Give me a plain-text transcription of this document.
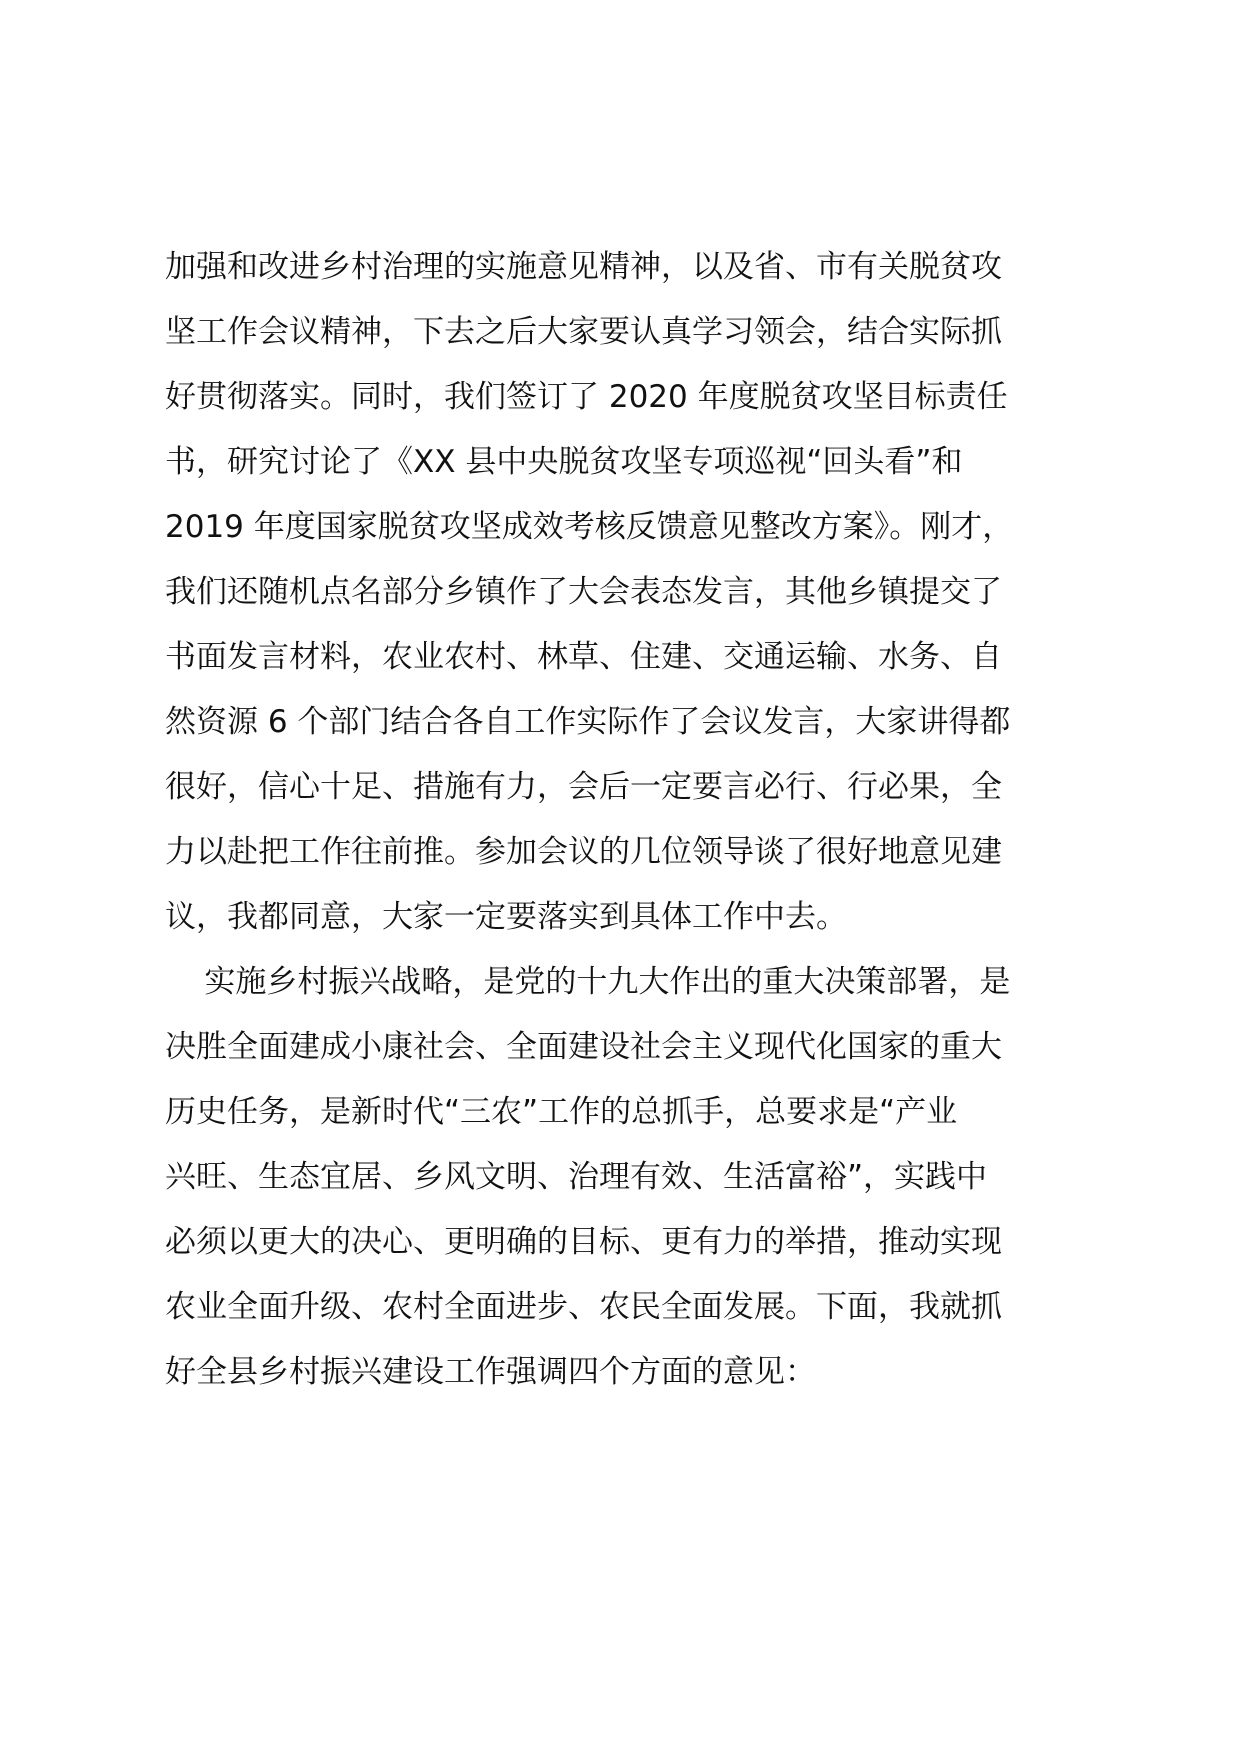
加强和改进乡村治理的实施意见精神，以及省、市有关脱贫攻
坚工作会议精神，下去之后大家要认真学习领会，结合实际抓
好贯彻落实。同时，我们签订了 2020 年度脱贫攻坚目标责任
书，研究讨论了《XX 县中央脱贫攻坚专项巡视“回头看”和
2019 年度国家脱贫攻坚成效考核反馈意见整改方案》。刚才，
我们还随机点名部分乡镇作了大会表态发言，其他乡镇提交了
书面发言材料，农业农村、林草、住建、交通运输、水务、自
然资源 6 个部门结合各自工作实际作了会议发言，大家讲得都
很好，信心十足、措施有力，会后一定要言必行、行必果，全
力以赴把工作往前推。参加会议的几位领导谈了很好地意见建
议，我都同意，大家一定要落实到具体工作中去。
实施乡村振兴战略，是党的十九大作出的重大决策部署，是
决胜全面建成小康社会、全面建设社会主义现代化国家的重大
历史任务，是新时代“三农”工作的总抓手，总要求是“产业
兴旺、生态宜居、乡风文明、治理有效、生活富裕”，实践中
必须以更大的决心、更明确的目标、更有力的举措，推动实现
农业全面升级、农村全面进步、农民全面发展。下面，我就抓
好全县乡村振兴建设工作强调四个方面的意见：
